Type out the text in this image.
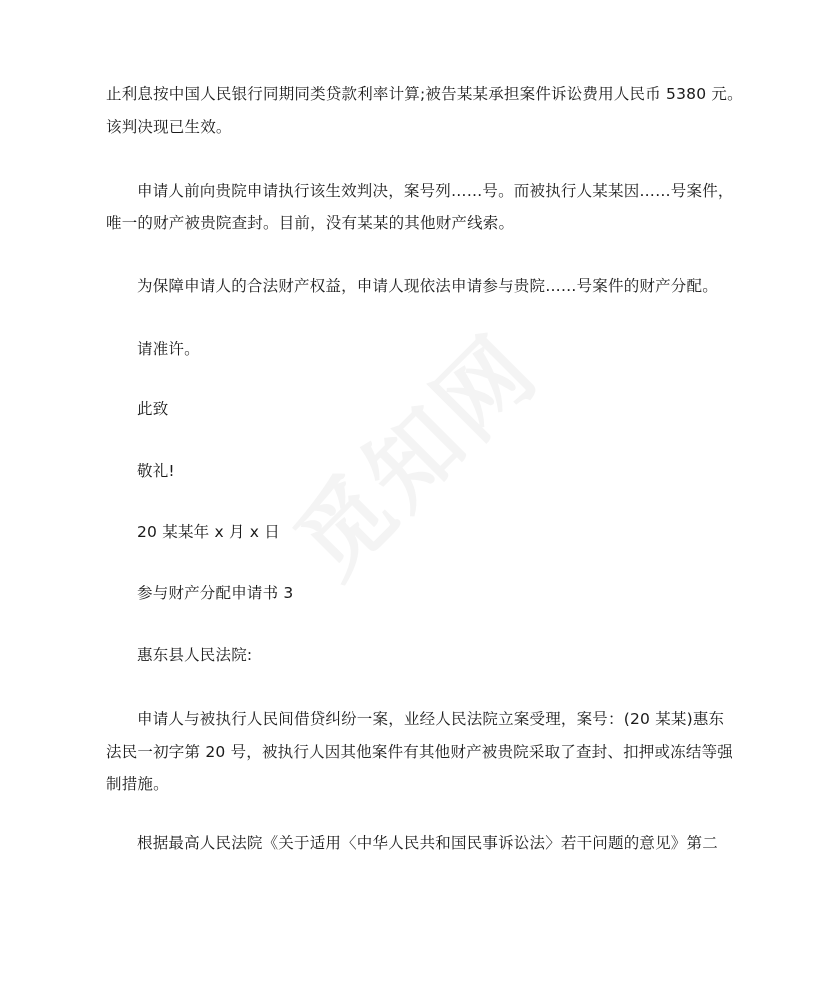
觅知网
止利息按中国人民银行同期同类贷款利率计算;被告某某承担案件诉讼费用人民币 5380 元。
该判决现已生效。
申请人前向贵院申请执行该生效判决，案号列……号。而被执行人某某因……号案件，
唯一的财产被贵院查封。目前，没有某某的其他财产线索。
为保障申请人的合法财产权益，申请人现依法申请参与贵院……号案件的财产分配。
请准许。
此致
敬礼!
20 某某年 x 月 x 日
参与财产分配申请书 3
惠东县人民法院:
申请人与被执行人民间借贷纠纷一案，业经人民法院立案受理，案号：(20 某某)惠东
法民一初字第 20 号，被执行人因其他案件有其他财产被贵院采取了查封、扣押或冻结等强
制措施。
根据最高人民法院《关于适用〈中华人民共和国民事诉讼法〉若干问题的意见》第二
